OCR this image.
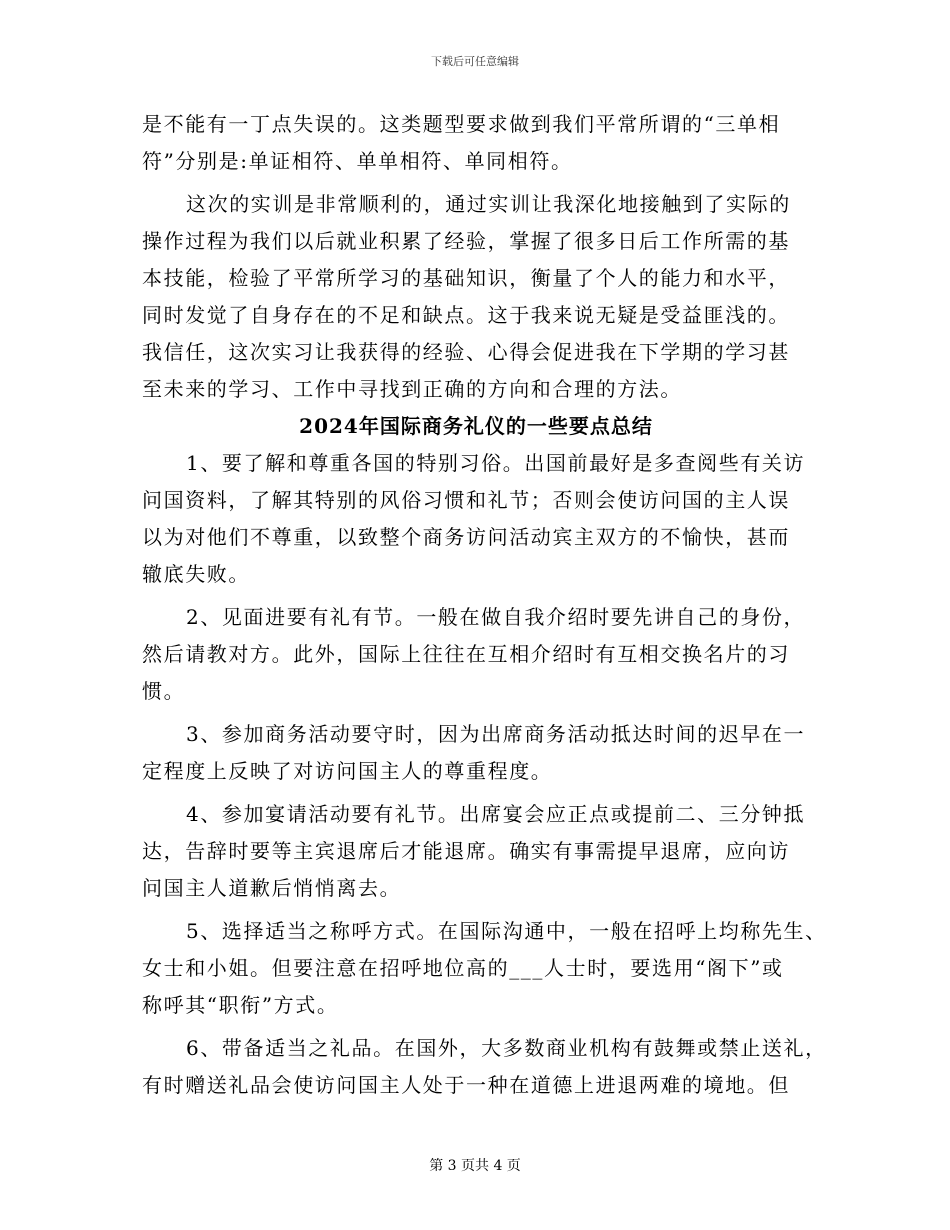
下载后可任意编辑
是不能有一丁点失误的。这类题型要求做到我们平常所谓的“三单相
符”分别是:单证相符、单单相符、单同相符。
这次的实训是非常顺利的，通过实训让我深化地接触到了实际的
操作过程为我们以后就业积累了经验，掌握了很多日后工作所需的基
本技能，检验了平常所学习的基础知识，衡量了个人的能力和水平，
同时发觉了自身存在的不足和缺点。这于我来说无疑是受益匪浅的。
我信任，这次实习让我获得的经验、心得会促进我在下学期的学习甚
至未来的学习、工作中寻找到正确的方向和合理的方法。
2024年国际商务礼仪的一些要点总结
1、要了解和尊重各国的特别习俗。出国前最好是多查阅些有关访
问国资料，了解其特别的风俗习惯和礼节；否则会使访问国的主人误
以为对他们不尊重，以致整个商务访问活动宾主双方的不愉快，甚而
辙底失败。
2、见面进要有礼有节。一般在做自我介绍时要先讲自己的身份，
然后请教对方。此外，国际上往往在互相介绍时有互相交换名片的习
惯。
3、参加商务活动要守时，因为出席商务活动抵达时间的迟早在一
定程度上反映了对访问国主人的尊重程度。
4、参加宴请活动要有礼节。出席宴会应正点或提前二、三分钟抵
达，告辞时要等主宾退席后才能退席。确实有事需提早退席，应向访
问国主人道歉后悄悄离去。
5、选择适当之称呼方式。在国际沟通中，一般在招呼上均称先生、
女士和小姐。但要注意在招呼地位高的___人士时，要选用“阁下”或
称呼其“职衔”方式。
6、带备适当之礼品。在国外，大多数商业机构有鼓舞或禁止送礼，
有时赠送礼品会使访问国主人处于一种在道德上进退两难的境地。但
第 3 页共 4 页
